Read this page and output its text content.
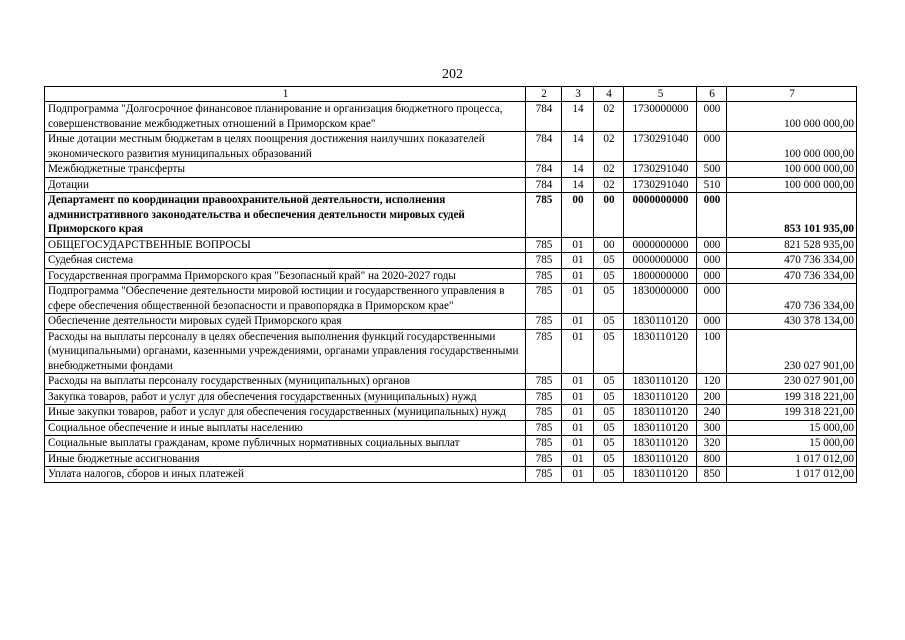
202
1	2	3	4	5	6	7
Подпрограмма "Долгосрочное финансовое планирование и организация бюджетного процесса, совершенствование межбюджетных отношений в Приморском крае"	784	14	02	1730000000	000	100 000 000,00
Иные дотации местным бюджетам в целях поощрения достижения наилучших показателей экономического развития муниципальных образований	784	14	02	1730291040	000	100 000 000,00
Межбюджетные трансферты	784	14	02	1730291040	500	100 000 000,00
Дотации	784	14	02	1730291040	510	100 000 000,00
Департамент по координации правоохранительной деятельности, исполнения административного законодательства и обеспечения деятельности мировых судей Приморского края	785	00	00	0000000000	000	853 101 935,00
ОБЩЕГОСУДАРСТВЕННЫЕ ВОПРОСЫ	785	01	00	0000000000	000	821 528 935,00
Судебная система	785	01	05	0000000000	000	470 736 334,00
Государственная программа Приморского края "Безопасный край" на 2020-2027 годы	785	01	05	1800000000	000	470 736 334,00
Подпрограмма "Обеспечение деятельности мировой юстиции и государственного управления в сфере обеспечения общественной безопасности и правопорядка в Приморском крае"	785	01	05	1830000000	000	470 736 334,00
Обеспечение деятельности мировых судей Приморского края	785	01	05	1830110120	000	430 378 134,00
Расходы на выплаты персоналу в целях обеспечения выполнения функций государственными (муниципальными) органами, казенными учреждениями, органами управления государственными внебюджетными фондами	785	01	05	1830110120	100	230 027 901,00
Расходы на выплаты персоналу государственных (муниципальных) органов	785	01	05	1830110120	120	230 027 901,00
Закупка товаров, работ и услуг для обеспечения государственных (муниципальных) нужд	785	01	05	1830110120	200	199 318 221,00
Иные закупки товаров, работ и услуг для обеспечения государственных (муниципальных) нужд	785	01	05	1830110120	240	199 318 221,00
Социальное обеспечение и иные выплаты населению	785	01	05	1830110120	300	15 000,00
Социальные выплаты гражданам, кроме публичных нормативных социальных выплат	785	01	05	1830110120	320	15 000,00
Иные бюджетные ассигнования	785	01	05	1830110120	800	1 017 012,00
Уплата налогов, сборов и иных платежей	785	01	05	1830110120	850	1 017 012,00
